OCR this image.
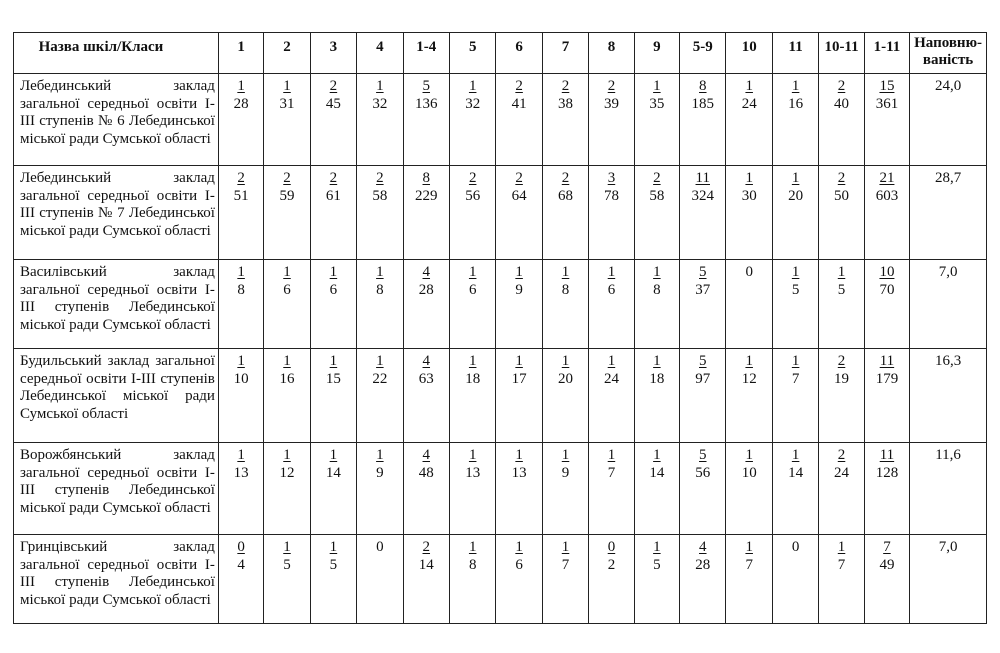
Назва шкіл/Класи	1	2	3	4	1-4	5	6	7	8	9	5-9	10	11	10-11	1-11	Наповнюваність

Лебединський заклад загальної середньої освіти I-III ступенів № 6 Лебединської міської ради Сумської області	$\frac{1}{28}$	$\frac{1}{31}$	$\frac{2}{45}$	$\frac{1}{32}$	$\frac{5}{136}$	$\frac{1}{32}$	$\frac{2}{41}$	$\frac{2}{38}$	$\frac{2}{39}$	$\frac{1}{35}$	$\frac{8}{185}$	$\frac{1}{24}$	$\frac{1}{16}$	$\frac{2}{40}$	$\frac{15}{361}$	24,0
Лебединський заклад загальної середньої освіти I-III ступенів № 7 Лебединської міської ради Сумської області	$\frac{2}{51}$	$\frac{2}{59}$	$\frac{2}{61}$	$\frac{2}{58}$	$\frac{8}{229}$	$\frac{2}{56}$	$\frac{2}{64}$	$\frac{2}{68}$	$\frac{3}{78}$	$\frac{2}{58}$	$\frac{11}{324}$	$\frac{1}{30}$	$\frac{1}{20}$	$\frac{2}{50}$	$\frac{21}{603}$	28,7
Василівський заклад загальної середньої освіти I-III ступенів Лебединської міської ради Сумської області	$\frac{1}{8}$	$\frac{1}{6}$	$\frac{1}{6}$	$\frac{1}{8}$	$\frac{4}{28}$	$\frac{1}{6}$	$\frac{1}{9}$	$\frac{1}{8}$	$\frac{1}{6}$	$\frac{1}{8}$	$\frac{5}{37}$	0	$\frac{1}{5}$	$\frac{1}{5}$	$\frac{10}{70}$	7,0
Будильський заклад загальної середньої освіти I-III ступенів Лебединської міської ради Сумської області	$\frac{1}{10}$	$\frac{1}{16}$	$\frac{1}{15}$	$\frac{1}{22}$	$\frac{4}{63}$	$\frac{1}{18}$	$\frac{1}{17}$	$\frac{1}{20}$	$\frac{1}{24}$	$\frac{1}{18}$	$\frac{5}{97}$	$\frac{1}{12}$	$\frac{1}{7}$	$\frac{2}{19}$	$\frac{11}{179}$	16,3
Ворожбянський заклад загальної середньої освіти I-III ступенів Лебединської міської ради Сумської області	$\frac{1}{13}$	$\frac{1}{12}$	$\frac{1}{14}$	$\frac{1}{9}$	$\frac{4}{48}$	$\frac{1}{13}$	$\frac{1}{13}$	$\frac{1}{9}$	$\frac{1}{7}$	$\frac{1}{14}$	$\frac{5}{56}$	$\frac{1}{10}$	$\frac{1}{14}$	$\frac{2}{24}$	$\frac{11}{128}$	11,6
Гринцівський заклад загальної середньої освіти I-III ступенів Лебединської міської ради Сумської області	$\frac{0}{4}$	$\frac{1}{5}$	$\frac{1}{5}$	0	$\frac{2}{14}$	$\frac{1}{8}$	$\frac{1}{6}$	$\frac{1}{7}$	$\frac{0}{2}$	$\frac{1}{5}$	$\frac{4}{28}$	$\frac{1}{7}$	0	$\frac{1}{7}$	$\frac{7}{49}$	7,0
